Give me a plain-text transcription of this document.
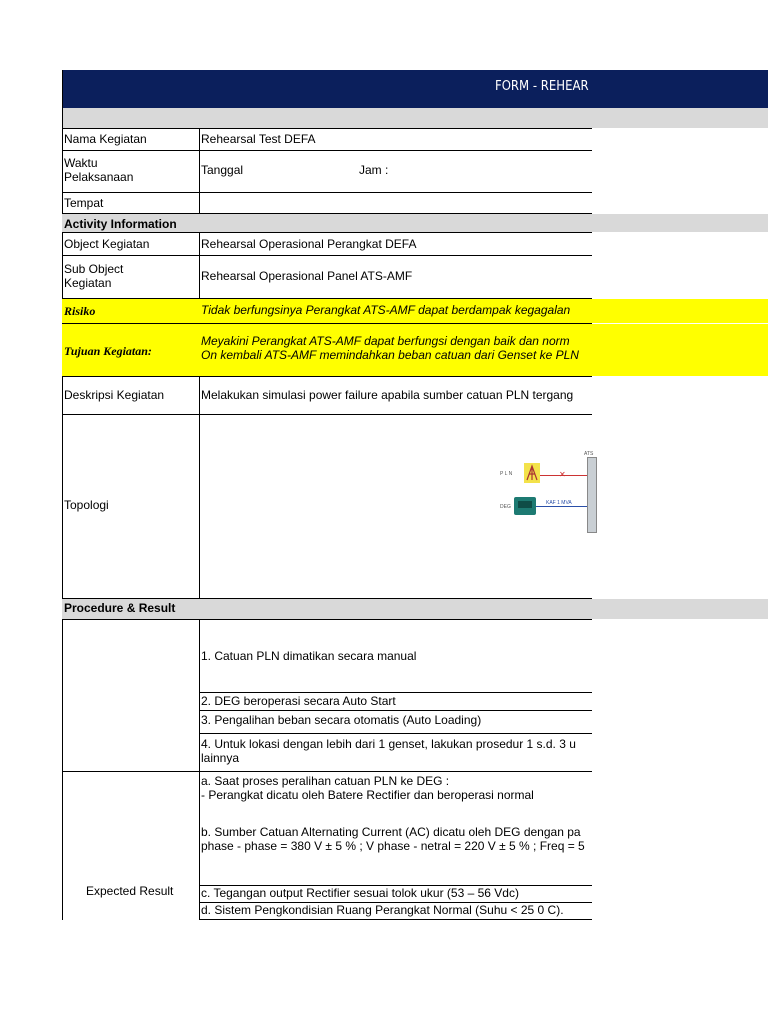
FORM - REHEAR
Nama Kegiatan	Rehearsal Test DEFA
Waktu
Pelaksanaan	Tanggal	Jam :
Tempat
Activity Information
Object Kegiatan	Rehearsal Operasional Perangkat DEFA
Sub Object
Kegiatan	Rehearsal Operasional Panel ATS-AMF
Risiko	Tidak berfungsinya Perangkat ATS-AMF dapat berdampak kegagalan
Tujuan Kegiatan:
Meyakini Perangkat ATS-AMF dapat berfungsi dengan baik dan norm
On kembali ATS-AMF memindahkan beban catuan dari Genset ke PLN
Deskripsi Kegiatan	Melakukan simulasi power failure apabila sumber catuan PLN tergang
Topologi
P L N	✕
DEG
KAF 1 MVA
ATS
Procedure & Result
1. Catuan PLN dimatikan secara manual
2. DEG beroperasi secara Auto Start
3. Pengalihan beban secara otomatis (Auto Loading)
4. Untuk lokasi dengan lebih dari 1 genset, lakukan prosedur 1 s.d. 3 u
lainnya
Expected Result
a. Saat proses peralihan catuan PLN ke DEG :
- Perangkat dicatu oleh Batere Rectifier dan beroperasi normal
b. Sumber Catuan Alternating Current (AC) dicatu oleh DEG dengan pa
phase - phase = 380 V ± 5 % ; V phase - netral = 220 V ± 5 % ; Freq = 5
c. Tegangan output Rectifier sesuai tolok ukur (53 – 56 Vdc)
d. Sistem Pengkondisian Ruang Perangkat Normal (Suhu < 25 0 C).
